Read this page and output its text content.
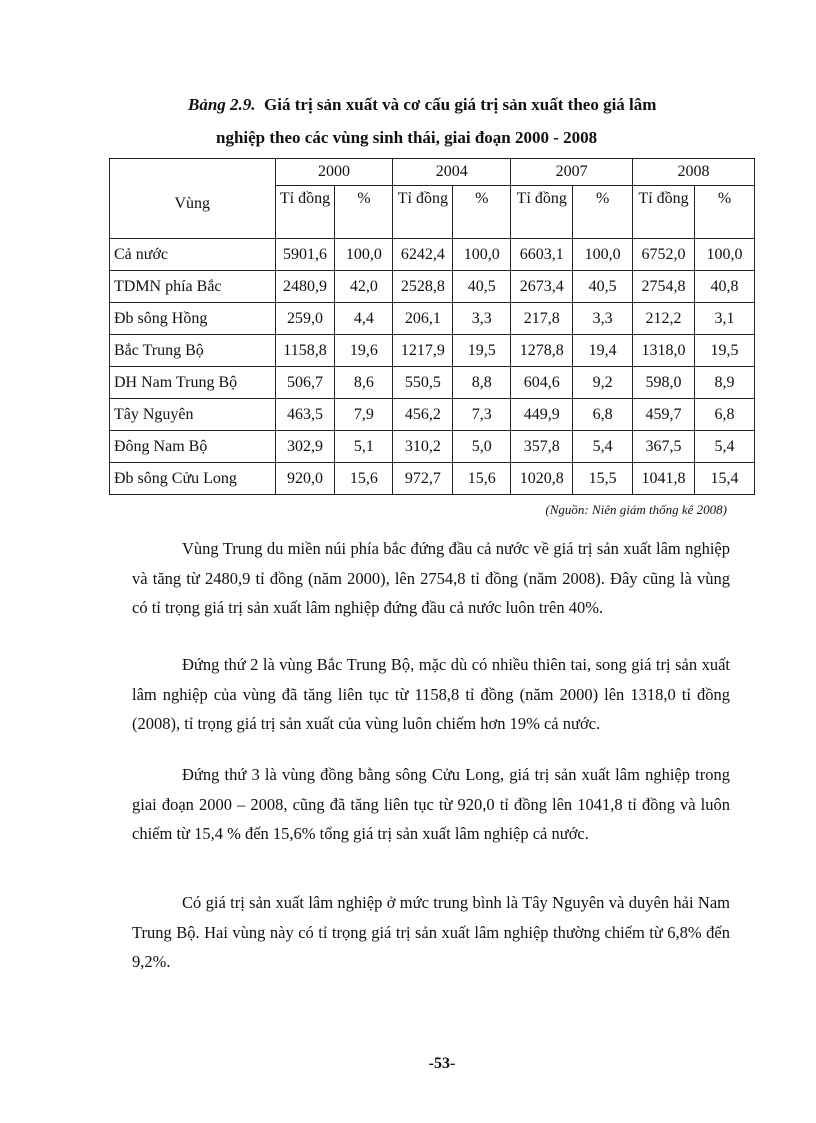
Bảng 2.9. Giá trị sản xuất và cơ cấu giá trị sản xuất theo giá lâm
nghiệp theo các vùng sinh thái, giai đoạn 2000 - 2008
Vùng	2000		2004		2007		2008	
	Tỉ đồng	%	Tỉ đồng	%	Tỉ đồng	%	Tỉ đồng	%
Cả nước	5901,6	100,0	6242,4	100,0	6603,1	100,0	6752,0	100,0
TDMN phía Bắc	2480,9	42,0	2528,8	40,5	2673,4	40,5	2754,8	40,8
Đb sông Hồng	259,0	4,4	206,1	3,3	217,8	3,3	212,2	3,1
Bắc Trung Bộ	1158,8	19,6	1217,9	19,5	1278,8	19,4	1318,0	19,5
DH Nam Trung Bộ	506,7	8,6	550,5	8,8	604,6	9,2	598,0	8,9
Tây Nguyên	463,5	7,9	456,2	7,3	449,9	6,8	459,7	6,8
Đông Nam Bộ	302,9	5,1	310,2	5,0	357,8	5,4	367,5	5,4
Đb sông Cửu Long	920,0	15,6	972,7	15,6	1020,8	15,5	1041,8	15,4
(Nguồn: Niên giám thống kê 2008)
Vùng Trung du miền núi phía bắc đứng đầu cả nước về giá trị sản xuất lâm nghiệp và tăng từ 2480,9 tỉ đồng (năm 2000), lên 2754,8 tỉ đồng (năm 2008). Đây cũng là vùng có tỉ trọng giá trị sản xuất lâm nghiệp đứng đầu cả nước luôn trên 40%.
Đứng thứ 2 là vùng Bắc Trung Bộ, mặc dù có nhiều thiên tai, song giá trị sản xuất lâm nghiệp của vùng đã tăng liên tục từ 1158,8 tỉ đồng (năm 2000) lên 1318,0 tỉ đồng (2008), tỉ trọng giá trị sản xuất của vùng luôn chiếm hơn 19% cả nước.
Đứng thứ 3 là vùng đồng bằng sông Cửu Long, giá trị sản xuất lâm nghiệp trong giai đoạn 2000 – 2008, cũng đã tăng liên tục từ 920,0 tỉ đồng lên 1041,8 tỉ đồng và luôn chiếm từ 15,4 % đến 15,6% tổng giá trị sản xuất lâm nghiệp cả nước.
Có giá trị sản xuất lâm nghiệp ở mức trung bình là Tây Nguyên và duyên hải Nam Trung Bộ. Hai vùng này có tỉ trọng giá trị sản xuất lâm nghiệp thường chiếm từ 6,8% đến 9,2%.
-53-
